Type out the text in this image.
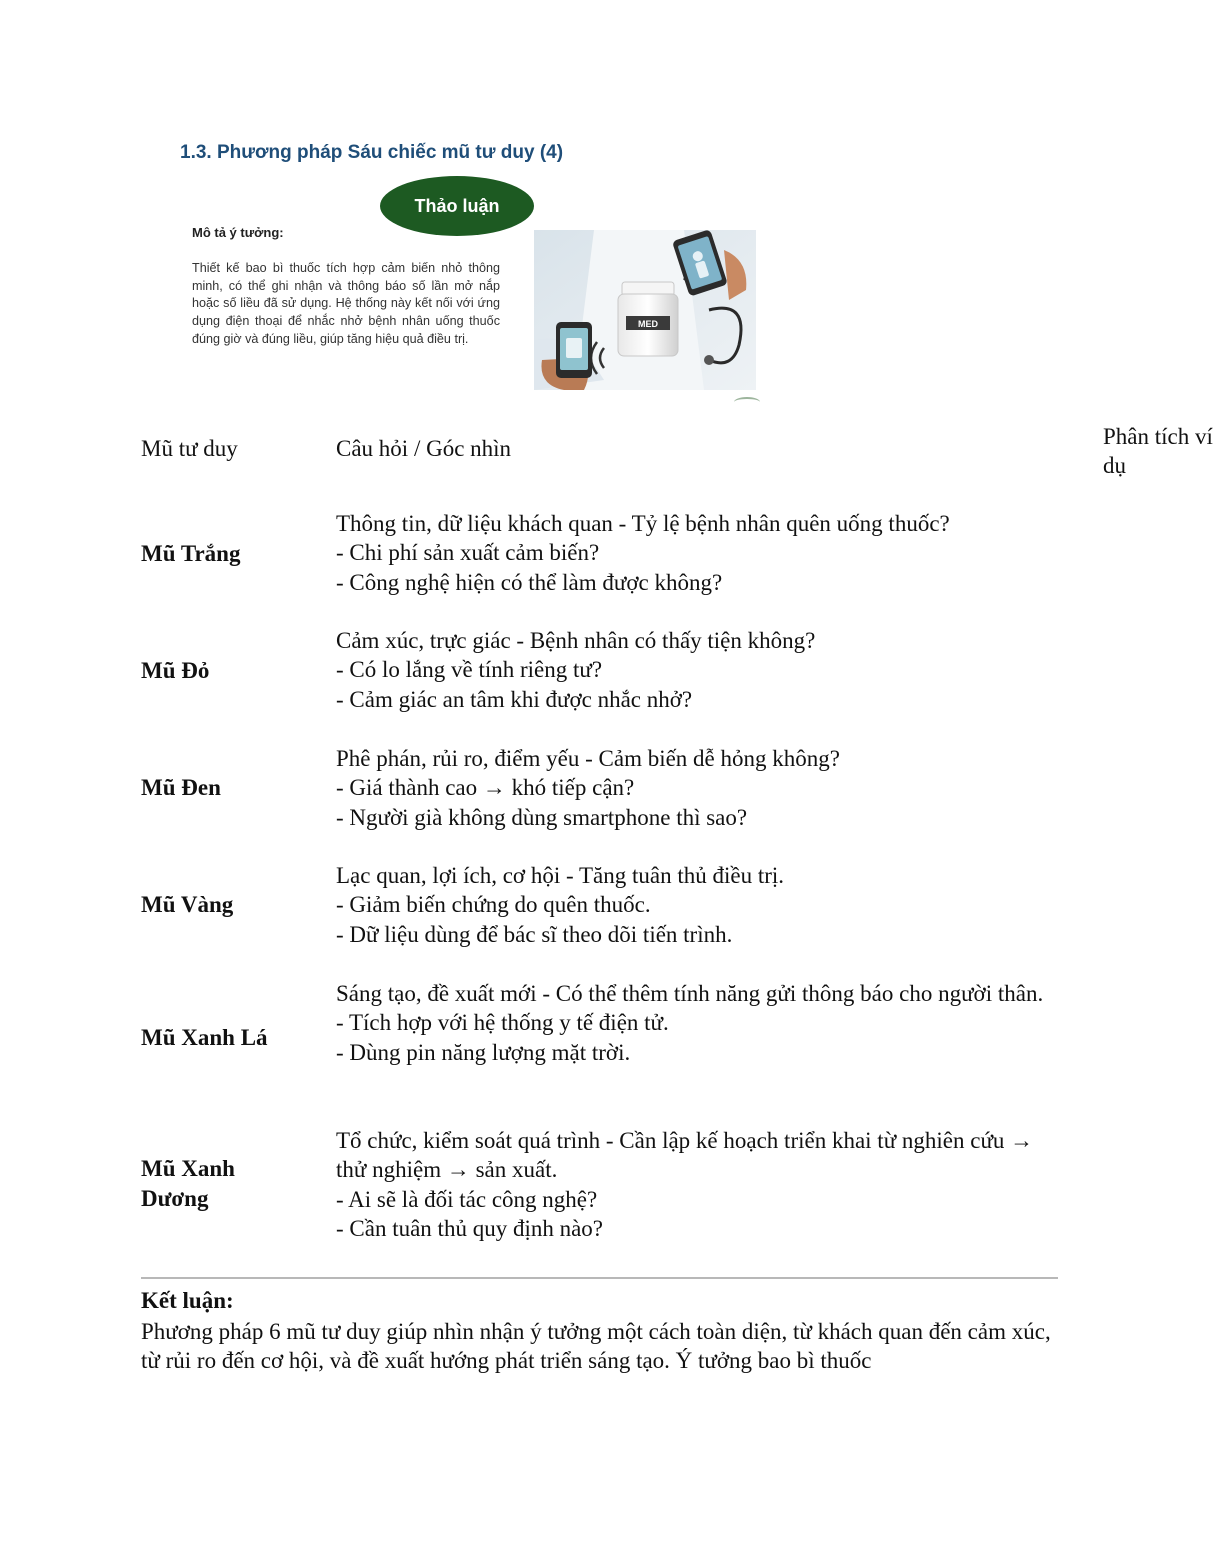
1.3. Phương pháp Sáu chiếc mũ tư duy (4)
Thảo luận
Mô tả ý tưởng:
Thiết kế bao bì thuốc tích hợp cảm biến nhỏ thông minh, có thể ghi nhận và thông báo số lần mở nắp hoặc số liều đã sử dụng. Hệ thống này kết nối với ứng dụng điện thoại để nhắc nhở bệnh nhân uống thuốc đúng giờ và đúng liều, giúp tăng hiệu quả điều trị.
MED
Mũ tư duy	Câu hỏi / Góc nhìn	Phân tích ví dụ
Mũ Trắng
Thông tin, dữ liệu khách quan - Tỷ lệ bệnh nhân quên uống thuốc?
- Chi phí sản xuất cảm biến?
- Công nghệ hiện có thể làm được không?
Mũ Đỏ
Cảm xúc, trực giác - Bệnh nhân có thấy tiện không?
- Có lo lắng về tính riêng tư?
- Cảm giác an tâm khi được nhắc nhở?
Mũ Đen
Phê phán, rủi ro, điểm yếu - Cảm biến dễ hỏng không?
- Giá thành cao → khó tiếp cận?
- Người già không dùng smartphone thì sao?
Mũ Vàng
Lạc quan, lợi ích, cơ hội - Tăng tuân thủ điều trị.
- Giảm biến chứng do quên thuốc.
- Dữ liệu dùng để bác sĩ theo dõi tiến trình.
Mũ Xanh Lá
Sáng tạo, đề xuất mới - Có thể thêm tính năng gửi thông báo cho người thân.
- Tích hợp với hệ thống y tế điện tử.
- Dùng pin năng lượng mặt trời.
Mũ Xanh Dương
Tổ chức, kiểm soát quá trình - Cần lập kế hoạch triển khai từ nghiên cứu → thử nghiệm → sản xuất.
- Ai sẽ là đối tác công nghệ?
- Cần tuân thủ quy định nào?
Kết luận:
Phương pháp 6 mũ tư duy giúp nhìn nhận ý tưởng một cách toàn diện, từ khách quan đến cảm xúc, từ rủi ro đến cơ hội, và đề xuất hướng phát triển sáng tạo. Ý tưởng bao bì thuốc
